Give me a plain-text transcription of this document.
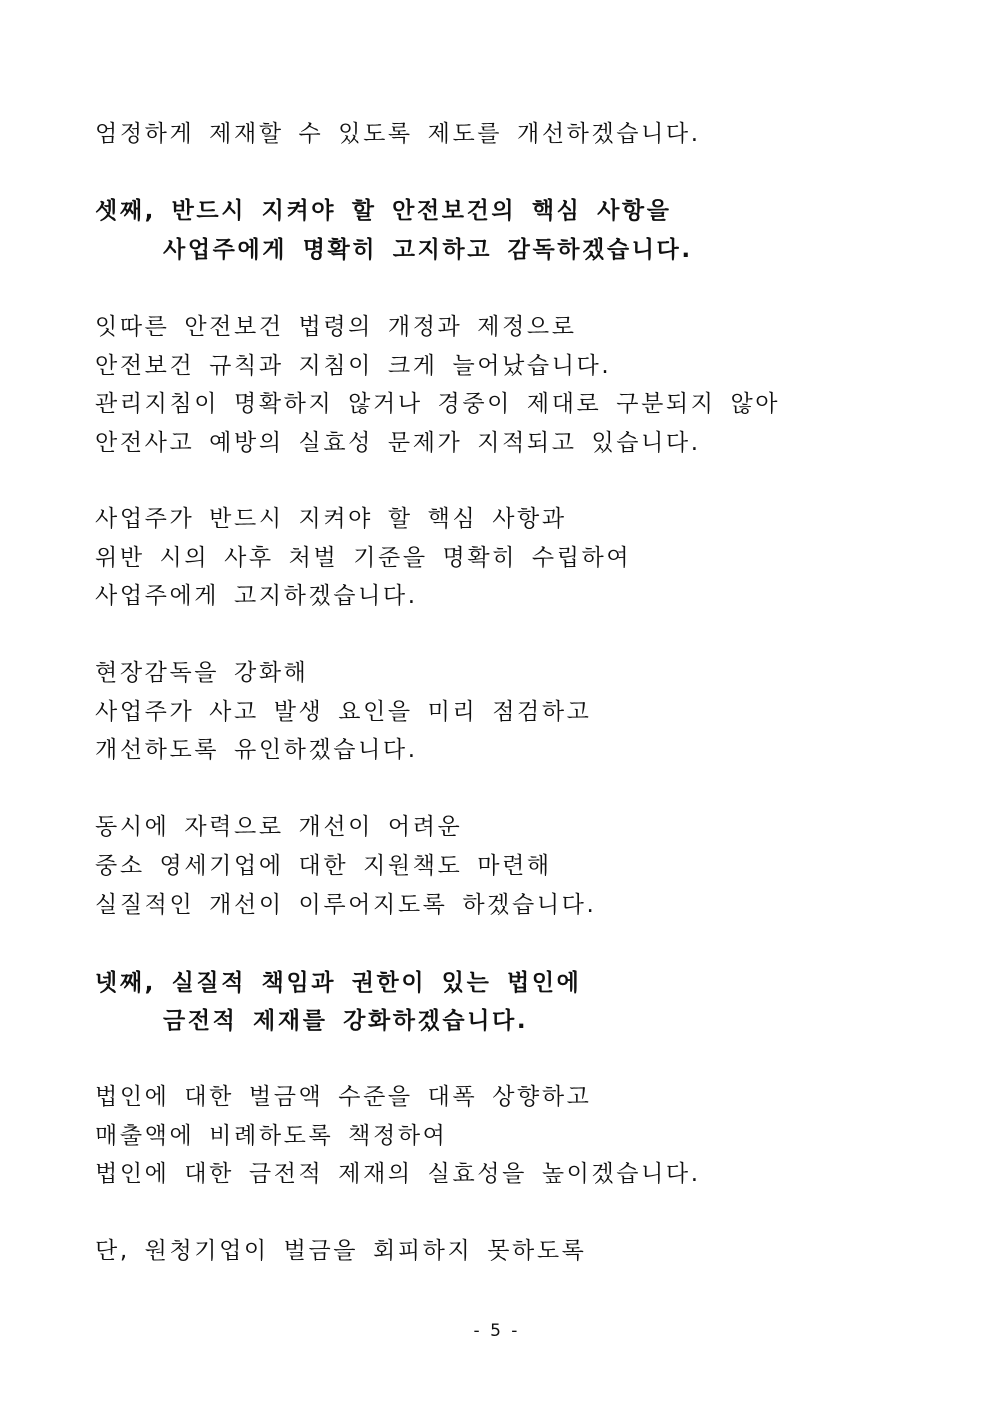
엄정하게 제재할 수 있도록 제도를 개선하겠습니다.
셋째, 반드시 지켜야 할 안전보건의 핵심 사항을
사업주에게 명확히 고지하고 감독하겠습니다.
잇따른 안전보건 법령의 개정과 제정으로
안전보건 규칙과 지침이 크게 늘어났습니다.
관리지침이 명확하지 않거나 경중이 제대로 구분되지 않아
안전사고 예방의 실효성 문제가 지적되고 있습니다.
사업주가 반드시 지켜야 할 핵심 사항과
위반 시의 사후 처벌 기준을 명확히 수립하여
사업주에게 고지하겠습니다.
현장감독을 강화해
사업주가 사고 발생 요인을 미리 점검하고
개선하도록 유인하겠습니다.
동시에 자력으로 개선이 어려운
중소 영세기업에 대한 지원책도 마련해
실질적인 개선이 이루어지도록 하겠습니다.
넷째, 실질적 책임과 권한이 있는 법인에
금전적 제재를 강화하겠습니다.
법인에 대한 벌금액 수준을 대폭 상향하고
매출액에 비례하도록 책정하여
법인에 대한 금전적 제재의 실효성을 높이겠습니다.
단, 원청기업이 벌금을 회피하지 못하도록
- 5 -
